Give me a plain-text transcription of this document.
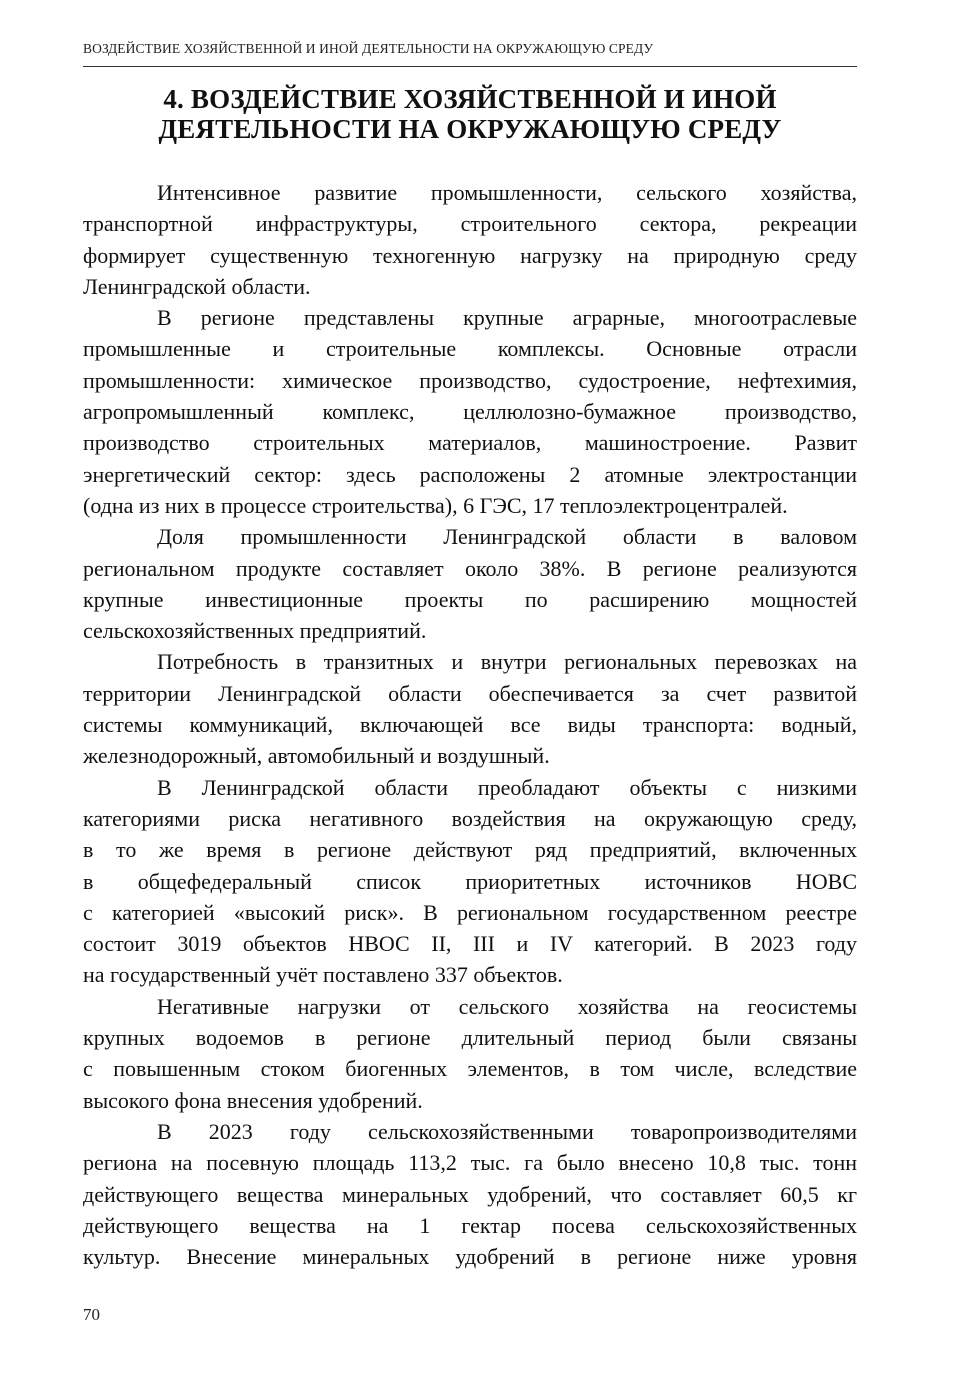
ВОЗДЕЙСТВИЕ ХОЗЯЙСТВЕННОЙ И ИНОЙ ДЕЯТЕЛЬНОСТИ НА ОКРУЖАЮЩУЮ СРЕДУ
4. ВОЗДЕЙСТВИЕ ХОЗЯЙСТВЕННОЙ И ИНОЙ
ДЕЯТЕЛЬНОСТИ НА ОКРУЖАЮЩУЮ СРЕДУ

Интенсивное развитие промышленности, сельского хозяйства,
транспортной инфраструктуры, строительного сектора, рекреации
формирует существенную техногенную нагрузку на природную среду
Ленинградской области.

В регионе представлены крупные аграрные, многоотраслевые
промышленные и строительные комплексы. Основные отрасли
промышленности: химическое производство, судостроение, нефтехимия,
агропромышленный комплекс, целлюлозно-бумажное производство,
производство строительных материалов, машиностроение. Развит
энергетический сектор: здесь расположены 2 атомные электростанции
(одна из них в процессе строительства), 6 ГЭС, 17 теплоэлектроцентралей.

Доля промышленности Ленинградской области в валовом
региональном продукте составляет около 38%. В регионе реализуются
крупные инвестиционные проекты по расширению мощностей
сельскохозяйственных предприятий.

Потребность в транзитных и внутри региональных перевозках на
территории Ленинградской области обеспечивается за счет развитой
системы коммуникаций, включающей все виды транспорта: водный,
железнодорожный, автомобильный и воздушный.

В Ленинградской области преобладают объекты с низкими
категориями риска негативного воздействия на окружающую среду,
в то же время в регионе действуют ряд предприятий, включенных
в общефедеральный список приоритетных источников НОВС
с категорией «высокий риск». В региональном государственном реестре
состоит 3019 объектов НВОС II, III и IV категорий. В 2023 году
на государственный учёт поставлено 337 объектов.

Негативные нагрузки от сельского хозяйства на геосистемы
крупных водоемов в регионе длительный период были связаны
с повышенным стоком биогенных элементов, в том числе, вследствие
высокого фона внесения удобрений.

В 2023 году сельскохозяйственными товаропроизводителями
региона на посевную площадь 113,2 тыс. га было внесено 10,8 тыс. тонн
действующего вещества минеральных удобрений, что составляет 60,5 кг
действующего вещества на 1 гектар посева сельскохозяйственных
культур. Внесение минеральных удобрений в регионе ниже уровня

70
